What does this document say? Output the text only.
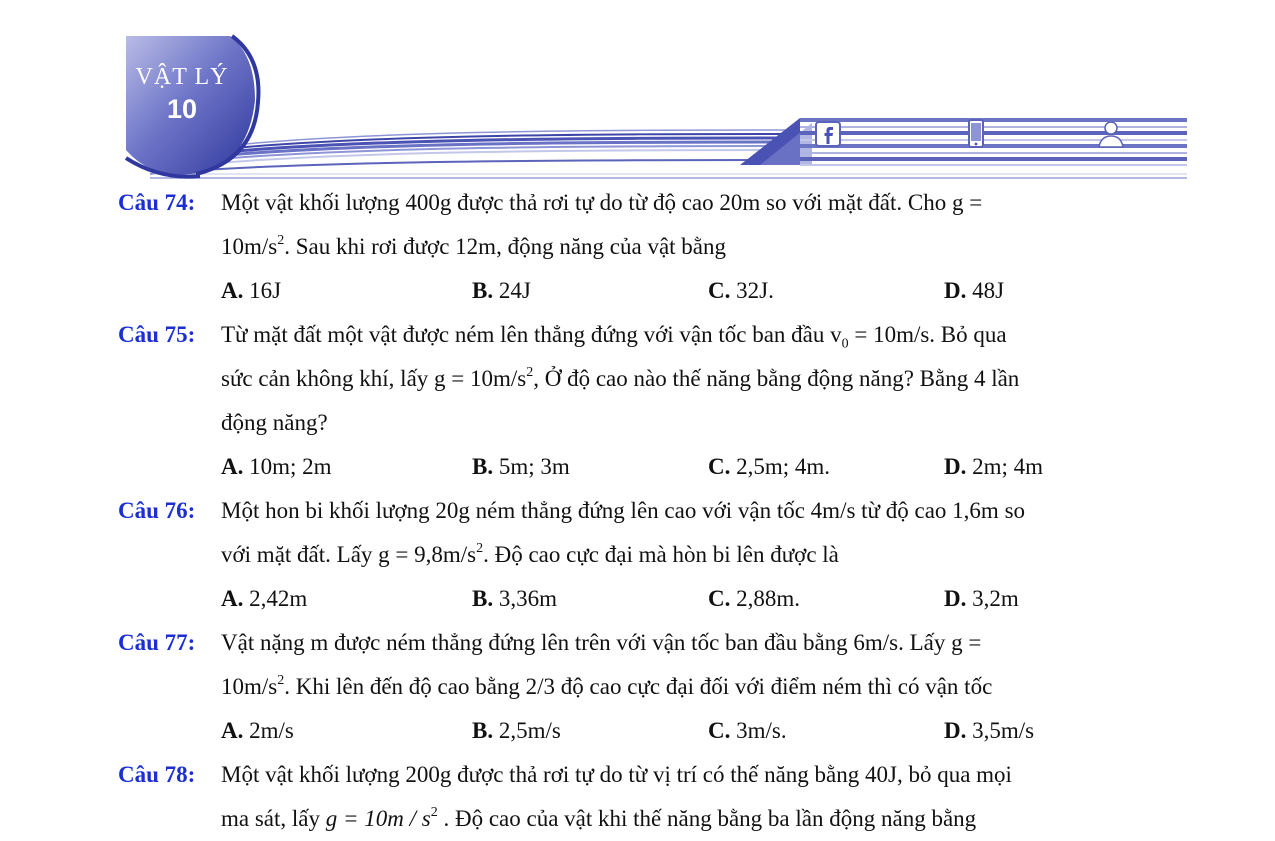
VẬT LÝ
10
Câu 74:	Một vật khối lượng 400g được thả rơi tự do từ độ cao 20m so với mặt đất. Cho g =
$10m/s^2$. Sau khi rơi được 12m, động năng của vật bằng
A. 16J	B. 24J	C. 32J.	D. 48J
Câu 75:	Từ mặt đất một vật được ném lên thẳng đứng với vận tốc ban đầu $v_0 = 10m/s$. Bỏ qua
sức cản không khí, lấy $g = 10m/s^2$, Ở độ cao nào thế năng bằng động năng? Bằng 4 lần
động năng?
A. 10m; 2m	B. 5m; 3m	C. 2,5m; 4m.	D. 2m; 4m
Câu 76:	Một hon bi khối lượng 20g ném thẳng đứng lên cao với vận tốc 4m/s từ độ cao 1,6m so
với mặt đất. Lấy $g = 9,8m/s^2$. Độ cao cực đại mà hòn bi lên được là
A. 2,42m	B. 3,36m	C. 2,88m.	D. 3,2m
Câu 77:	Vật nặng m được ném thẳng đứng lên trên với vận tốc ban đầu bằng 6m/s. Lấy g =
$10m/s^2$. Khi lên đến độ cao bằng 2/3 độ cao cực đại đối với điểm ném thì có vận tốc
A. 2m/s	B. 2,5m/s	C. 3m/s.	D. 3,5m/s
Câu 78:	Một vật khối lượng 200g được thả rơi tự do từ vị trí có thế năng bằng 40J, bỏ qua mọi
ma sát, lấy $g = 10m / s^2$ . Độ cao của vật khi thế năng bằng ba lần động năng bằng
